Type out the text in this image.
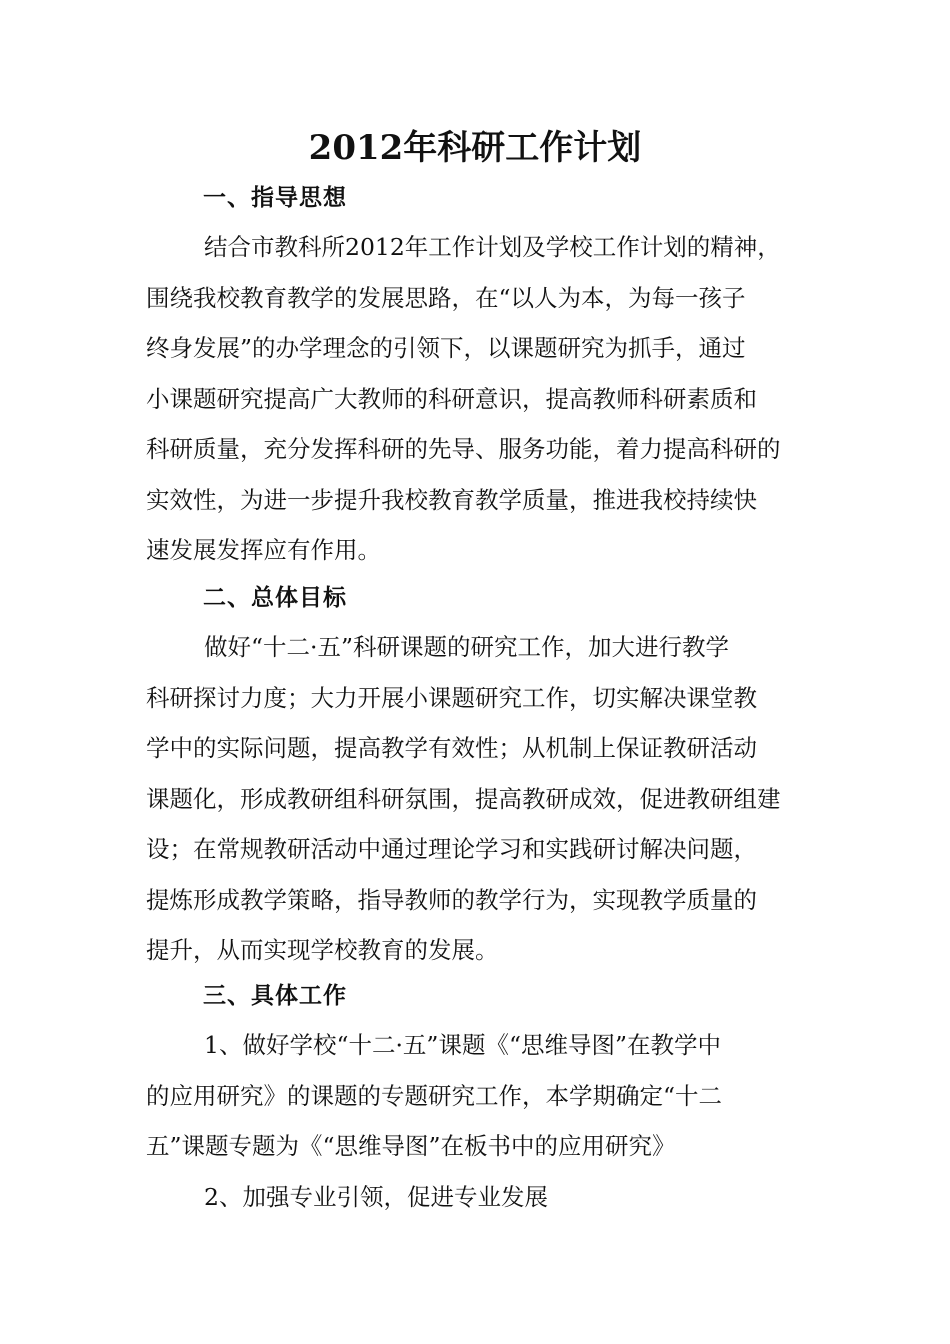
2012年科研工作计划
一、指导思想
结合市教科所2012年工作计划及学校工作计划的精神，
围绕我校教育教学的发展思路，在“以人为本，为每一孩子
终身发展”的办学理念的引领下，以课题研究为抓手，通过
小课题研究提高广大教师的科研意识，提高教师科研素质和
科研质量，充分发挥科研的先导、服务功能，着力提高科研的
实效性，为进一步提升我校教育教学质量，推进我校持续快
速发展发挥应有作用。
二、总体目标
做好“十二·五”科研课题的研究工作，加大进行教学
科研探讨力度；大力开展小课题研究工作，切实解决课堂教
学中的实际问题，提高教学有效性；从机制上保证教研活动
课题化，形成教研组科研氛围，提高教研成效，促进教研组建
设；在常规教研活动中通过理论学习和实践研讨解决问题，
提炼形成教学策略，指导教师的教学行为，实现教学质量的
提升，从而实现学校教育的发展。
三、具体工作
1、做好学校“十二·五”课题《“思维导图”在教学中
的应用研究》的课题的专题研究工作，本学期确定“十二
五”课题专题为《“思维导图”在板书中的应用研究》
2、加强专业引领，促进专业发展
